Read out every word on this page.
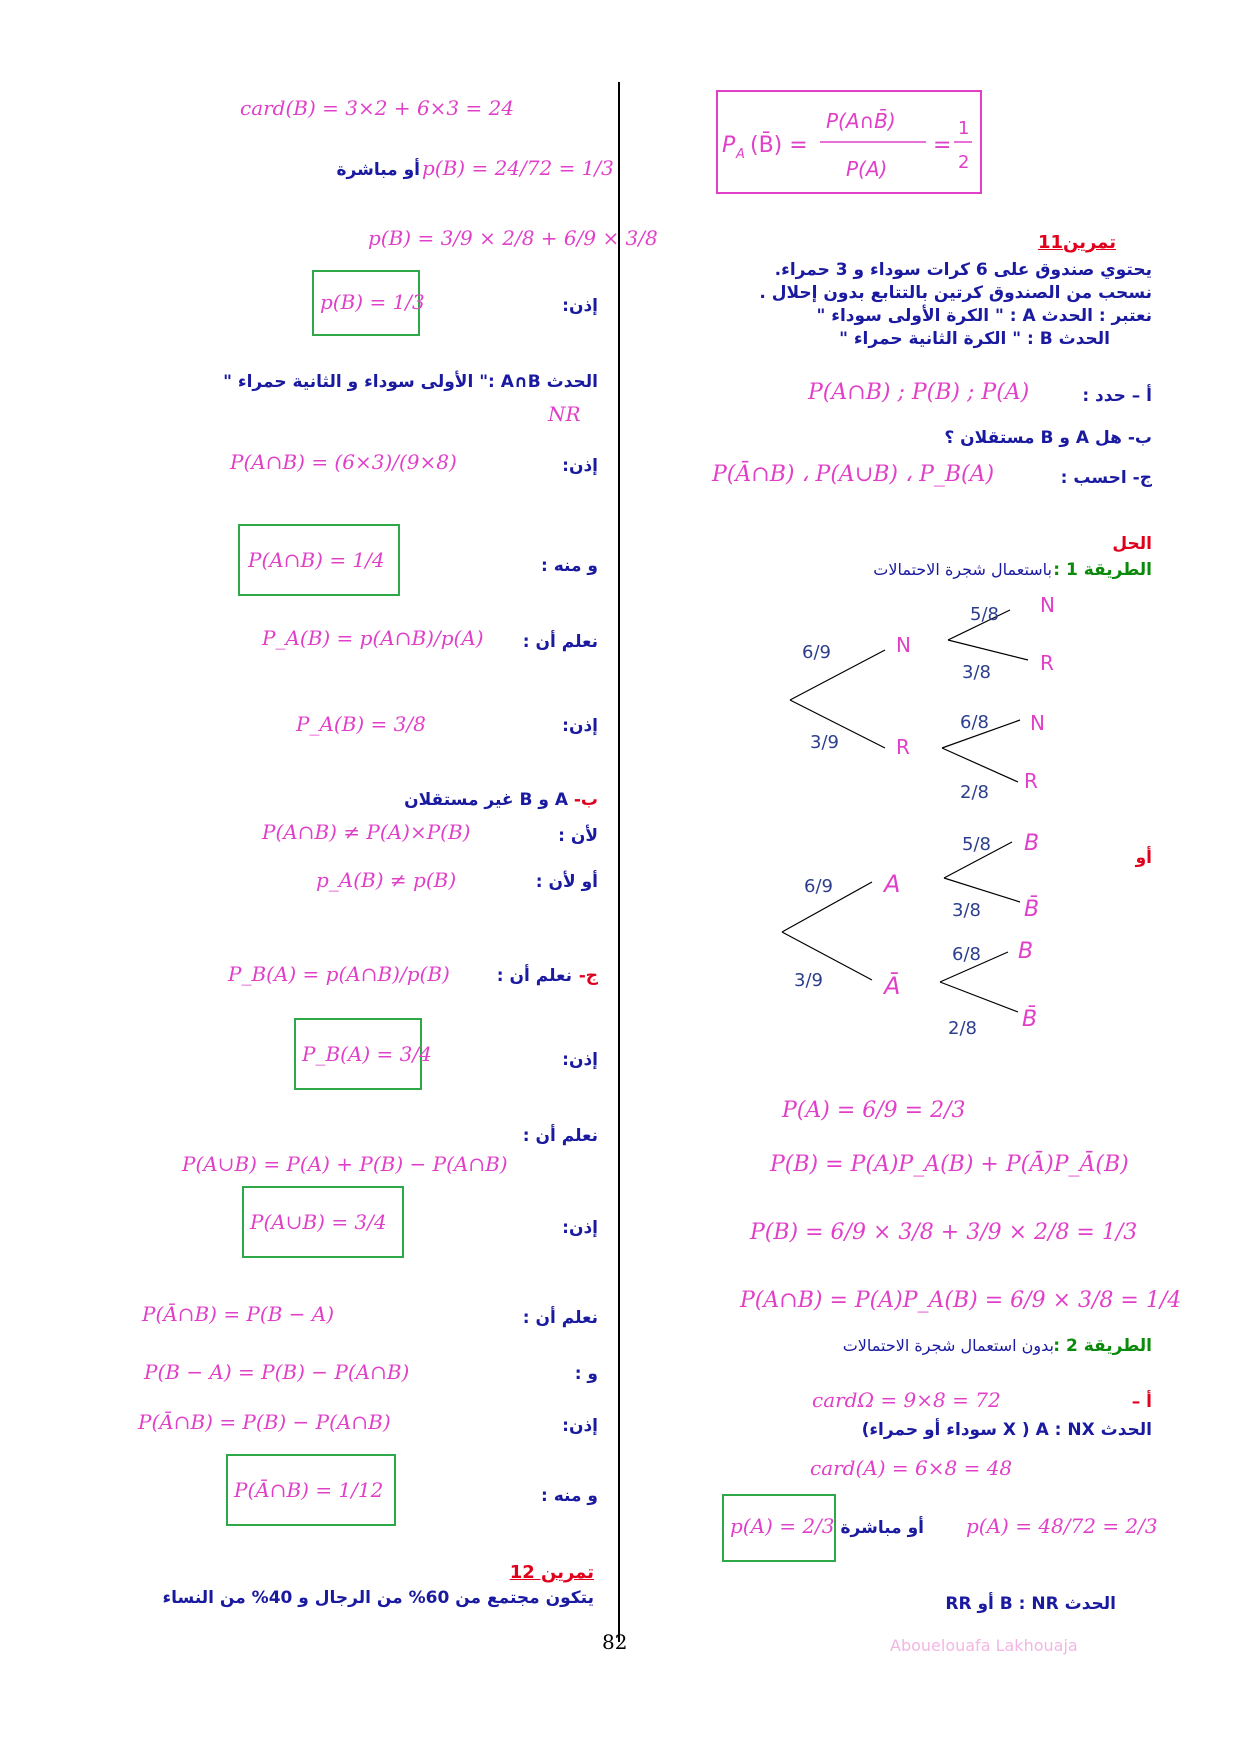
P A (B̄) =
P(A∩B̄)
P(A)
=
1
2
تمرين11
يحتوي صندوق على 6 كرات سوداء و 3 حمراء.
نسحب من الصندوق كرتين بالتتابع بدون إحلال .
نعتبر : الحدث A : " الكرة الأولى سوداء "
الحدث B : " الكرة الثانية حمراء "
أ – حدد :
P(A∩B) ; P(B) ; P(A)
ب- هل A و B مستقلان ؟
ج- احسب :
P(Ā∩B) ، P(A∪B) ، P_B(A)
الحل
الطريقة 1 :
باستعمال شجرة الاحتمالات
6/9
3/9
N
R
5/8 N
3/8 R
6/8 N
2/8 R
أو
6/9
3/9
A
Ā
5/8 B
3/8 B̄
6/8 B
2/8 B̄
P(A) = 6/9 = 2/3
P(B) = P(A)P_A(B) + P(Ā)P_Ā(B)
P(B) = 6/9 × 3/8 + 3/9 × 2/8 = 1/3
P(A∩B) = P(A)P_A(B) = 6/9 × 3/8 = 1/4
الطريقة 2 :
بدون استعمال شجرة الاحتمالات
أ –
cardΩ = 9×8 = 72
الحدث A : NX ( X سوداء أو حمراء)
card(A) = 6×8 = 48
p(A) = 2/3 أو مباشرة p(A) = 48/72 = 2/3
الحدث B : NR أو RR
card(B) = 3×2 + 6×3 = 24
أو مباشرة p(B) = 24/72 = 1/3
p(B) = 3/9 × 2/8 + 6/9 × 3/8
إذن:
p(B) = 1/3
الحدث A∩B :" الأولى سوداء و الثانية حمراء "
NR
إذن:
P(A∩B) = (6×3)/(9×8)
و منه :
P(A∩B) = 1/4
نعلم أن :
P_A(B) = p(A∩B)/p(A)
إذن:
P_A(B) = 3/8
ب-
A و B غير مستقلان
لأن :
P(A∩B) ≠ P(A)×P(B)
أو لأن :
p_A(B) ≠ p(B)
ج-
نعلم أن :
P_B(A) = p(A∩B)/p(B)
إذن:
P_B(A) = 3/4
نعلم أن :
P(A∪B) = P(A) + P(B) − P(A∩B)
إذن:
P(A∪B) = 3/4
نعلم أن :
P(Ā∩B) = P(B − A)
و :
P(B − A) = P(B) − P(A∩B)
إذن:
P(Ā∩B) = P(B) − P(A∩B)
و منه :
P(Ā∩B) = 1/12
تمرين 12
يتكون مجتمع من 60% من الرجال و 40% من النساء
82	Abouelouafa Lakhouaja
